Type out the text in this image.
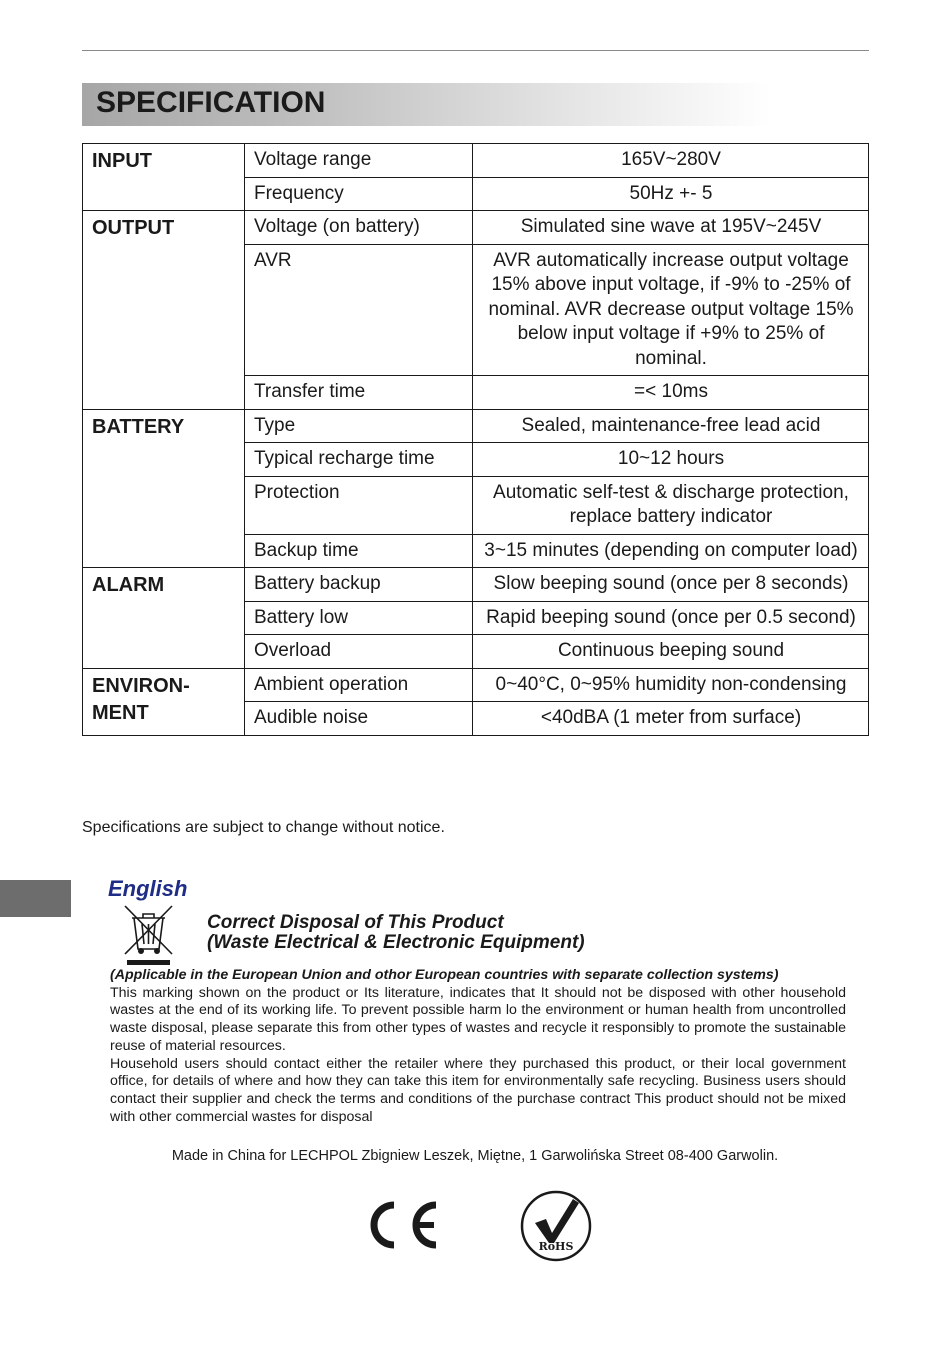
SPECIFICATION
INPUT	Voltage range	165V~280V
	Frequency	50Hz +- 5
OUTPUT	Voltage (on battery)	Simulated sine wave at 195V~245V
	AVR	AVR automatically increase output voltage 15% above input voltage, if -9% to -25% of nominal. AVR decrease output voltage 15% below input voltage if +9% to 25% of nominal.
	Transfer time	=< 10ms
BATTERY	Type	Sealed, maintenance-free lead acid
	Typical recharge time	10~12 hours
	Protection	Automatic self-test & discharge protection, replace battery indicator
	Backup time	3~15 minutes (depending on computer load)
ALARM	Battery backup	Slow beeping sound (once per 8 seconds)
	Battery low	Rapid beeping sound (once per 0.5 second)
	Overload	Continuous beeping sound

ENVIRON-
MENT	Ambient operation	0~40°C, 0~95% humidity non-condensing
	Audible noise	<40dBA (1 meter from surface)
Specifications are subject to change without notice.
English
Correct Disposal of This Product
(Waste Electrical & Electronic Equipment)
(Applicable in the European Union and othor European countries with separate collection systems)
This marking shown on the product or Its literature, indicates that It should not be disposed with other household wastes at the end of its working life. To prevent possible harm lo the environment or human health from uncontrolled waste disposal, please separate this from other types of wastes and recycle it responsibly to promote the sustainable reuse of material resources.
Household users should contact either the retailer where they purchased this product, or their local government office, for details of where and how they can take this item for environmentally safe recycling. Business users should contact their supplier and check the terms and conditions of the purchase contract This product should not be mixed with other commercial wastes for disposal
Made in China for LECHPOL Zbigniew Leszek, Miętne, 1 Garwolińska Street 08-400 Garwolin.
RoHS
